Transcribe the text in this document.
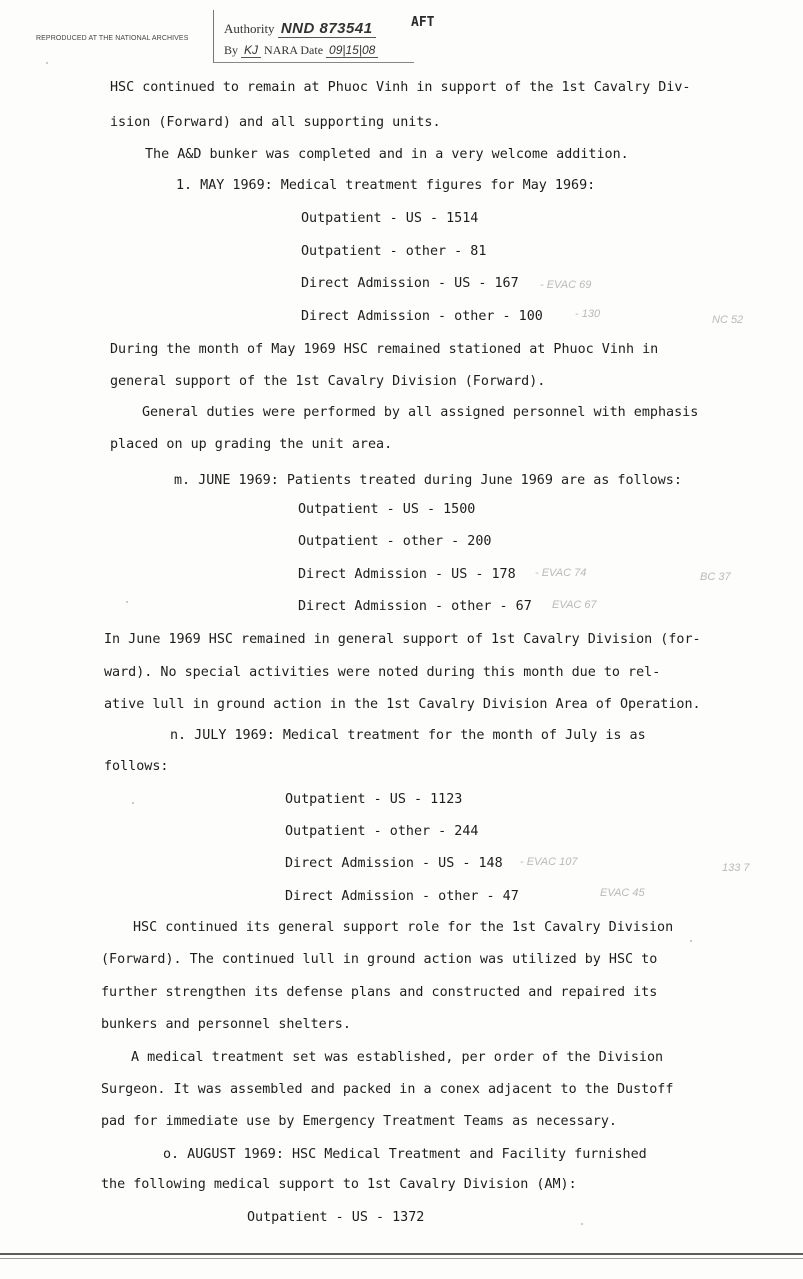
REPRODUCED AT THE NATIONAL ARCHIVES
Authority NND 873541
By KJ NARA Date 09|15|08
AFT
HSC continued to remain at Phuoc Vinh in support of the 1st Cavalry Div-
ision (Forward) and all supporting units.
The A&D bunker was completed and in a very welcome addition.
1. MAY 1969: Medical treatment figures for May 1969:
Outpatient - US - 1514
Outpatient - other - 81
Direct Admission - US - 167
Direct Admission - other - 100
During the month of May 1969 HSC remained stationed at Phuoc Vinh in
general support of the 1st Cavalry Division (Forward).
General duties were performed by all assigned personnel with emphasis
placed on up grading the unit area.
m. JUNE 1969: Patients treated during June 1969 are as follows:
Outpatient - US - 1500
Outpatient - other - 200
Direct Admission - US - 178
Direct Admission - other - 67
In June 1969 HSC remained in general support of 1st Cavalry Division (for-
ward). No special activities were noted during this month due to rel-
ative lull in ground action in the 1st Cavalry Division Area of Operation.
n. JULY 1969: Medical treatment for the month of July is as
follows:
Outpatient - US - 1123
Outpatient - other - 244
Direct Admission - US - 148
Direct Admission - other - 47
HSC continued its general support role for the 1st Cavalry Division
(Forward). The continued lull in ground action was utilized by HSC to
further strengthen its defense plans and constructed and repaired its
bunkers and personnel shelters.
A medical treatment set was established, per order of the Division
Surgeon. It was assembled and packed in a conex adjacent to the Dustoff
pad for immediate use by Emergency Treatment Teams as necessary.
o. AUGUST 1969: HSC Medical Treatment and Facility furnished
the following medical support to 1st Cavalry Division (AM):
Outpatient - US - 1372
- EVAC 69
- 130
- EVAC 74
EVAC 67
- EVAC 107
EVAC 45
BC 37
NC 52
133 7
